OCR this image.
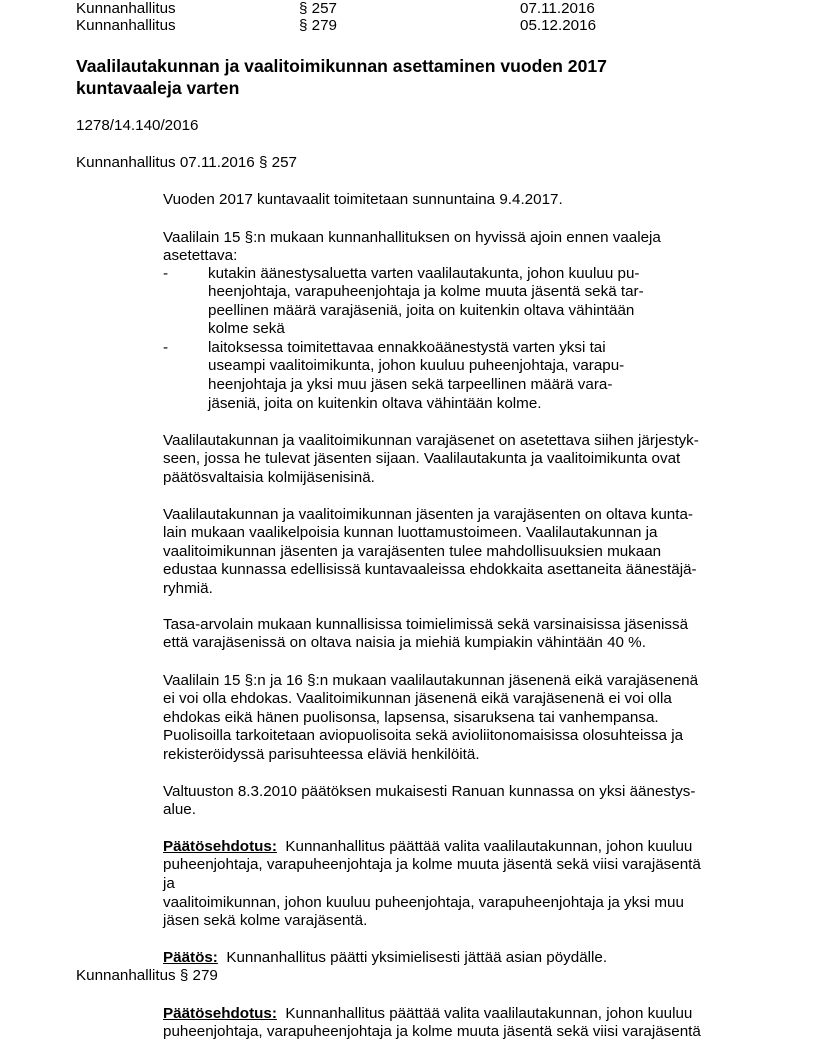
Kunnanhallitus	§ 257	07.11.2016
Kunnanhallitus	§ 279	05.12.2016
Vaalilautakunnan ja vaalitoimikunnan asettaminen vuoden 2017
kuntavaaleja varten
1278/14.140/2016
Kunnanhallitus 07.11.2016 § 257
Vuoden 2017 kuntavaalit toimitetaan sunnuntaina 9.4.2017.
Vaalilain 15 §:n mukaan kunnanhallituksen on hyvissä ajoin ennen vaaleja
asetettava:
-	kutakin äänestysaluetta varten vaalilautakunta, johon kuuluu pu-
heenjohtaja, varapuheenjohtaja ja kolme muuta jäsentä sekä tar-
peellinen määrä varajäseniä, joita on kuitenkin oltava vähintään
kolme sekä
-	laitoksessa toimitettavaa ennakkoäänestystä varten yksi tai
useampi vaalitoimikunta, johon kuuluu puheenjohtaja, varapu-
heenjohtaja ja yksi muu jäsen sekä tarpeellinen määrä vara-
jäseniä, joita on kuitenkin oltava vähintään kolme.
Vaalilautakunnan ja vaalitoimikunnan varajäsenet on asetettava siihen järjestyk-
seen, jossa he tulevat jäsenten sijaan. Vaalilautakunta ja vaalitoimikunta ovat
päätösvaltaisia kolmijäsenisinä.
Vaalilautakunnan ja vaalitoimikunnan jäsenten ja varajäsenten on oltava kunta-
lain mukaan vaalikelpoisia kunnan luottamustoimeen. Vaalilautakunnan ja
vaalitoimikunnan jäsenten ja varajäsenten tulee mahdollisuuksien mukaan
edustaa kunnassa edellisissä kuntavaaleissa ehdokkaita asettaneita äänestäjä-
ryhmiä.
Tasa-arvolain mukaan kunnallisissa toimielimissä sekä varsinaisissa jäsenissä
että varajäsenissä on oltava naisia ja miehiä kumpiakin vähintään 40 %.
Vaalilain 15 §:n ja 16 §:n mukaan vaalilautakunnan jäsenenä eikä varajäsenenä
ei voi olla ehdokas. Vaalitoimikunnan jäsenenä eikä varajäsenenä ei voi olla
ehdokas eikä hänen puolisonsa, lapsensa, sisaruksena tai vanhempansa.
Puolisoilla tarkoitetaan aviopuolisoita sekä avioliitonomaisissa olosuhteissa ja
rekisteröidyssä parisuhteessa eläviä henkilöitä.
Valtuuston 8.3.2010 päätöksen mukaisesti Ranuan kunnassa on yksi äänestys-
alue.
Päätösehdotus: Kunnanhallitus päättää valita vaalilautakunnan, johon kuuluu
puheenjohtaja, varapuheenjohtaja ja kolme muuta jäsentä sekä viisi varajäsentä
ja
vaalitoimikunnan, johon kuuluu puheenjohtaja, varapuheenjohtaja ja yksi muu
jäsen sekä kolme varajäsentä.
Päätös: Kunnanhallitus päätti yksimielisesti jättää asian pöydälle.
Päätösehdotus: Kunnanhallitus päättää valita vaalilautakunnan, johon kuuluu
puheenjohtaja, varapuheenjohtaja ja kolme muuta jäsentä sekä viisi varajäsentä
Kunnanhallitus § 279
